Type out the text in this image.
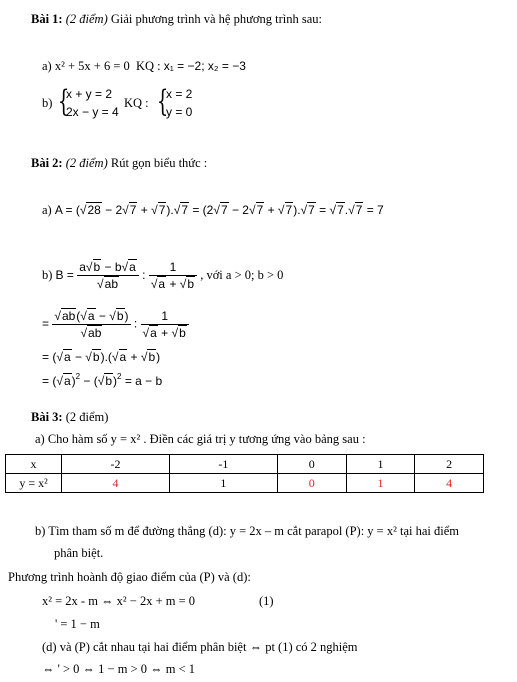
Bài 1: (2 điểm) Giải phương trình và hệ phương trình sau:
a) x² + 5x + 6 = 0 KQ : x₁ = −2; x₂ = −3
b) {
x + y = 2
2x − y = 4
KQ : {
x = 2
y = 0
Bài 2: (2 điểm) Rút gọn biểu thức :
a) A = (√28 − 2√7 + √7).√7 = (2√7 − 2√7 + √7).√7 = √7.√7 = 7
b) $B = \frac{a√b - b√a}{√ab}$ : $\frac{1}{√a + √b}$ , với a > 0; b > 0
= $\frac{√ab(√a - √b)}{√ab}$ : $\frac{1}{√a + √b}$
= (√a − √b).(√a + √b)
= $(√a)^2 - (√b)^2 = a - b$
Bài 3: (2 điểm)
a) Cho hàm số y = x² . Điền các giá trị y tương ứng vào bảng sau :
x	-2	-1	0	1	2
y = x²	4	1	0	1	4
b) Tìm tham số m để đường thẳng (d): y = 2x – m cắt parapol (P): y = x² tại hai điểm
phân biệt.
Phương trình hoành độ giao điểm của (P) và (d):
x² = 2x - m ⇔ x² − 2x + m = 0	(1)
' = 1 − m
(d) và (P) cắt nhau tại hai điểm phân biệt ⇔ pt (1) có 2 nghiệm
⇔ ' > 0 ⇔ 1 − m > 0 ⇔ m < 1
